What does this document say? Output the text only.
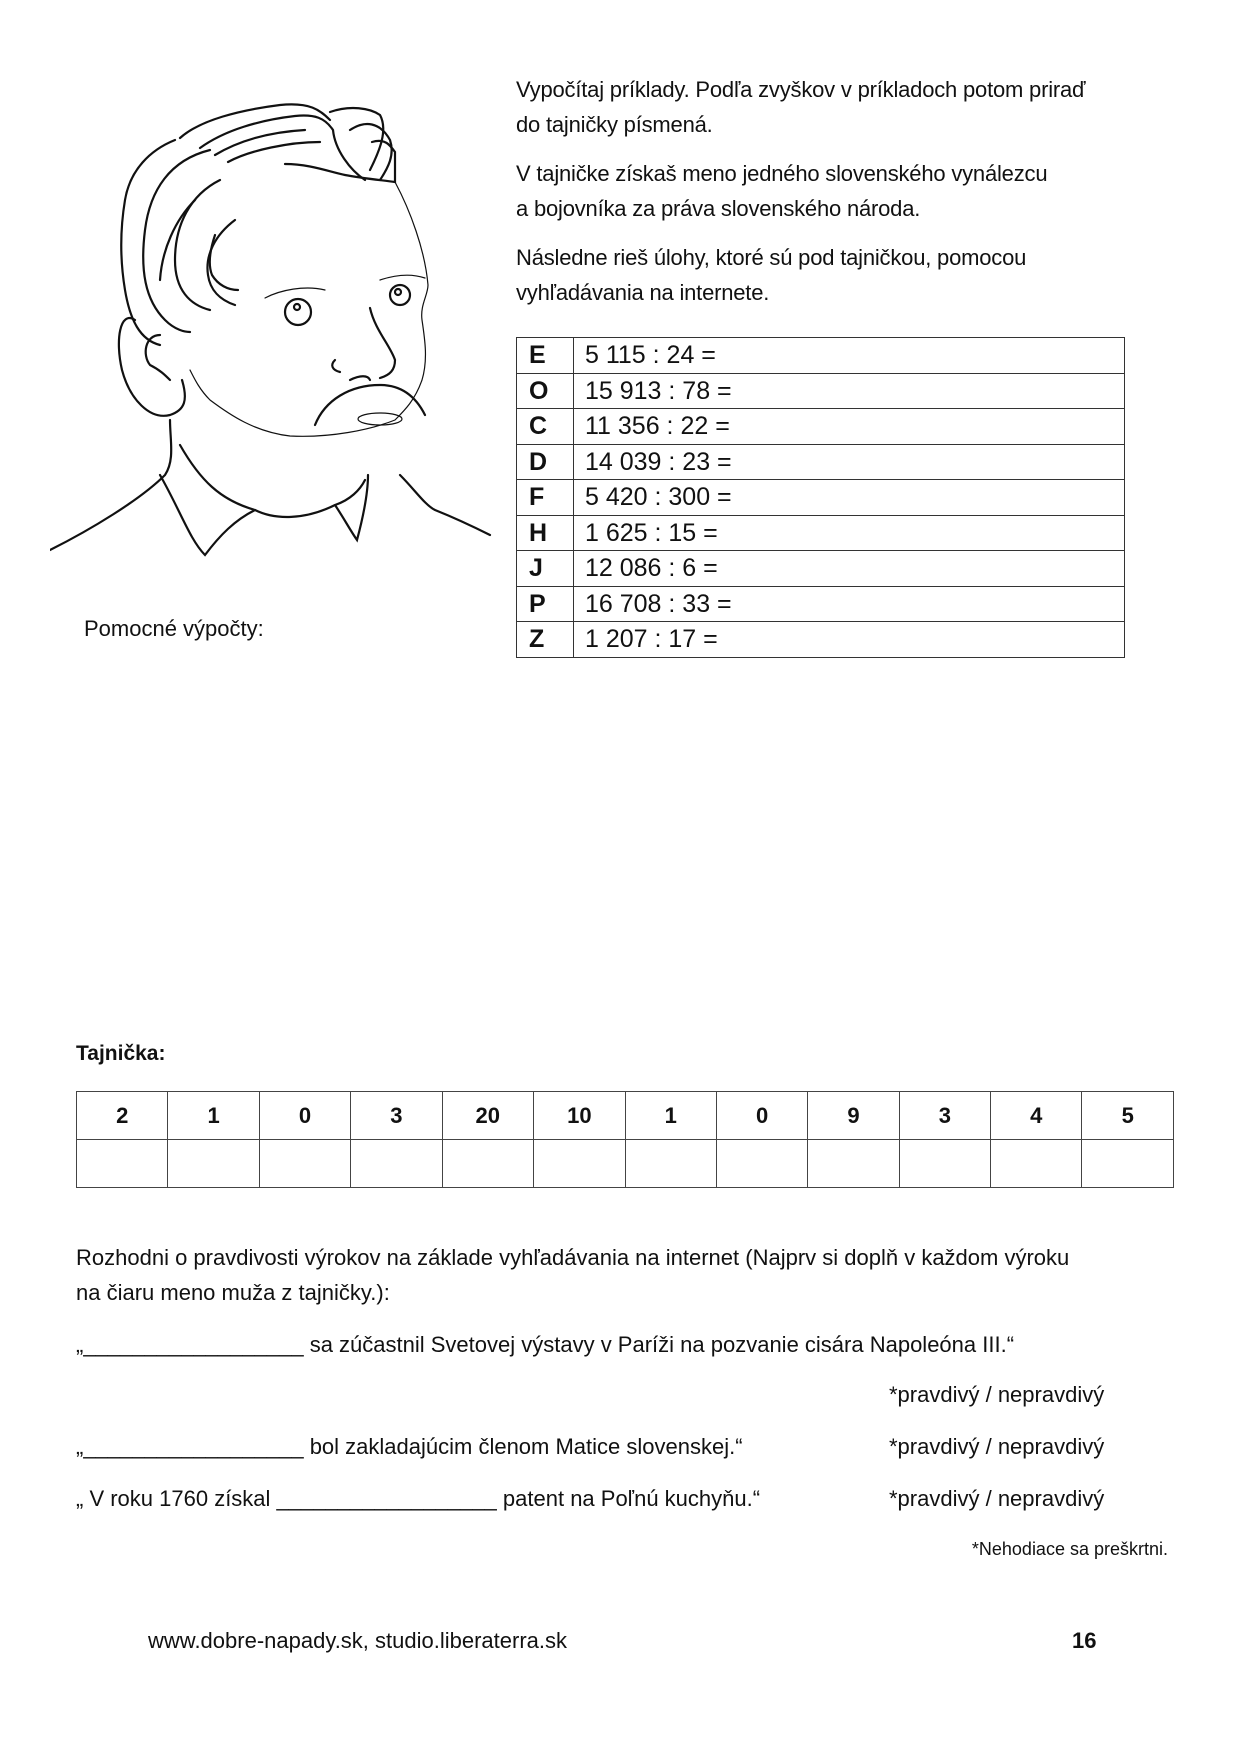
Vypočítaj príklady. Podľa zvyškov v príkladoch potom priraď
do tajničky písmená.

V tajničke získaš meno jedného slovenského vynálezcu
a bojovníka za práva slovenského národa.

Následne rieš úlohy, ktoré sú pod tajničkou, pomocou
vyhľadávania na internete.

E	5 115 : 24 =
O	15 913 : 78 =
C	11 356 : 22 =
D	14 039 : 23 =
F	5 420 : 300 =
H	1 625 : 15 =
J	12 086 : 6 =
P	16 708 : 33 =
Z	1 207 : 17 =
Pomocné výpočty:
Tajnička:
2	1	0	3	20	10	1	0	9	3	4	5

Rozhodni o pravdivosti výrokov na základe vyhľadávania na internet (Najprv si doplň v každom výroku
na čiaru meno muža z tajničky.):
„__________________ sa zúčastnil Svetovej výstavy v Paríži na pozvanie cisára Napoleóna III.“
*pravdivý / nepravdivý
„__________________ bol zakladajúcim členom Matice slovenskej.“	*pravdivý / nepravdivý
„ V roku 1760 získal __________________ patent na Poľnú kuchyňu.“	*pravdivý / nepravdivý
*Nehodiace sa preškrtni.
www.dobre-napady.sk, studio.liberaterra.sk	16
